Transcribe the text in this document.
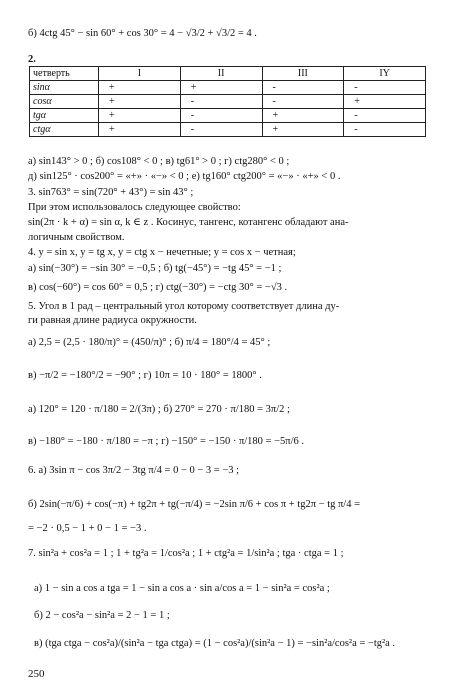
б) 4ctg 45° − sin 60° + cos 30° = 4 − √3/2 + √3/2 = 4 .
2.
четверть	I	II	III	IY
sinα	+	+	-	-
cosα	+	-	-	+
tgα	+	-	+	-
ctgα	+	-	+	-
а) sin143° > 0 ; б) cos108° < 0 ; в) tg61° > 0 ; г) ctg280° < 0 ;
д) sin125° · cos200° = «+» · «−» < 0 ; е) tg160° ctg200° = «−» · «+» < 0 .
3. sin763° = sin(720° + 43°) = sin 43° ;
При этом использовалось следующее свойство:
sin(2π · k + α) = sin α, k ∈ z . Косинус, тангенс, котангенс обладают ана-
логичным свойством.
4. y = sin x, y = tg x, y = ctg x − нечетные; y = cos x − четная;
а) sin(−30°) = −sin 30° = −0,5 ; б) tg(−45°) = −tg 45° = −1 ;
в) cos(−60°) = cos 60° = 0,5 ; г) ctg(−30°) = −ctg 30° = −√3 .
5. Угол в 1 рад – центральный угол которому соответствует длина ду-
ги равная длине радиуса окружности.
а) 2,5 = (2,5 · 180/π)° = (450/π)° ; б) π/4 = 180°/4 = 45° ;
в) −π/2 = −180°/2 = −90° ; г) 10π = 10 · 180° = 1800° .
а) 120° = 120 · π/180 = 2/(3π) ; б) 270° = 270 · π/180 = 3π/2 ;
в) −180° = −180 · π/180 = −π ; г) −150° = −150 · π/180 = −5π/6 .
6. а) 3sin π − cos 3π/2 − 3tg π/4 = 0 − 0 − 3 = −3 ;
б) 2sin(−π/6) + cos(−π) + tg2π + tg(−π/4) = −2sin π/6 + cos π + tg2π − tg π/4 =
= −2 · 0,5 − 1 + 0 − 1 = −3 .
7. sin²a + cos²a = 1 ; 1 + tg²a = 1/cos²a ; 1 + ctg²a = 1/sin²a ; tga · ctga = 1 ;
а) 1 − sin a cos a tga = 1 − sin a cos a · sin a/cos a = 1 − sin²a = cos²a ;
б) 2 − cos²a − sin²a = 2 − 1 = 1 ;
в) (tga ctga − cos²a)/(sin²a − tga ctga) = (1 − cos²a)/(sin²a − 1) = −sin²a/cos²a = −tg²a .
250
